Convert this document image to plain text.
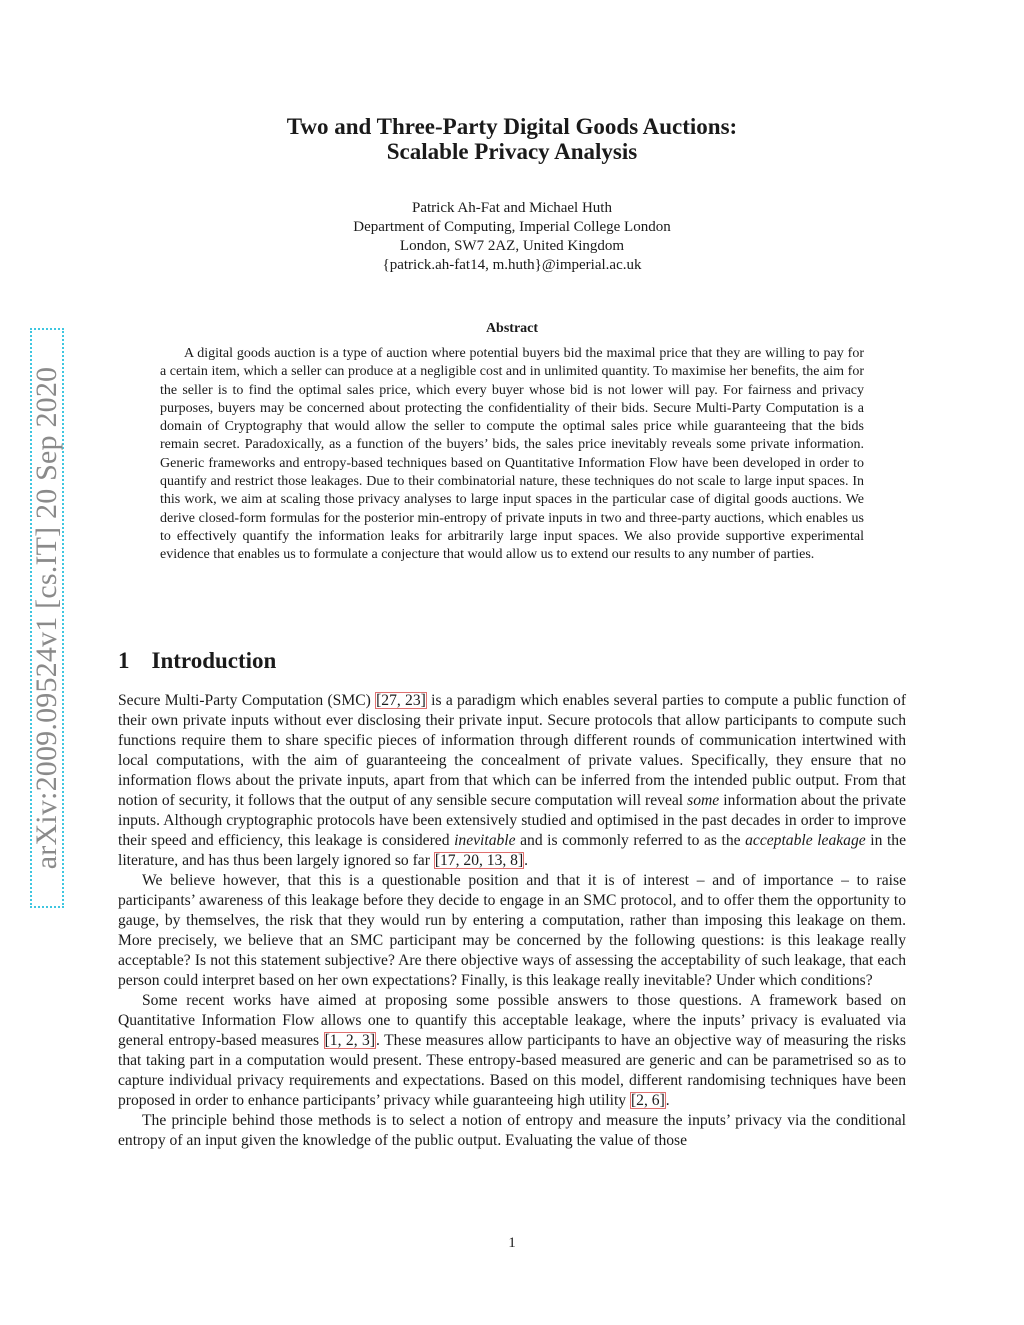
arXiv:2009.09524v1 [cs.IT] 20 Sep 2020
Two and Three-Party Digital Goods Auctions:
Scalable Privacy Analysis
Patrick Ah-Fat and Michael Huth
Department of Computing, Imperial College London
London, SW7 2AZ, United Kingdom
{patrick.ah-fat14, m.huth}@imperial.ac.uk
Abstract

A digital goods auction is a type of auction where potential buyers bid the maximal price that they are willing to pay for a certain item, which a seller can produce at a negligible cost and in unlimited quantity. To maximise her benefits, the aim for the seller is to find the optimal sales price, which every buyer whose bid is not lower will pay. For fairness and privacy purposes, buyers may be concerned about protecting the confidentiality of their bids. Secure Multi-Party Computation is a domain of Cryptography that would allow the seller to compute the optimal sales price while guaranteeing that the bids remain secret. Paradoxically, as a function of the buyers’ bids, the sales price inevitably reveals some private information. Generic frameworks and entropy-based techniques based on Quantitative Information Flow have been developed in order to quantify and restrict those leakages. Due to their combinatorial nature, these techniques do not scale to large input spaces. In this work, we aim at scaling those privacy analyses to large input spaces in the particular case of digital goods auctions. We derive closed-form formulas for the posterior min-entropy of private inputs in two and three-party auctions, which enables us to effectively quantify the information leaks for arbitrarily large input spaces. We also provide supportive experimental evidence that enables us to formulate a conjecture that would allow us to extend our results to any number of parties.

1 Introduction

Secure Multi-Party Computation (SMC) [27, 23] is a paradigm which enables several parties to compute a public function of their own private inputs without ever disclosing their private input. Secure protocols that allow participants to compute such functions require them to share specific pieces of information through different rounds of communication intertwined with local computations, with the aim of guaranteeing the concealment of private values. Specifically, they ensure that no information flows about the private inputs, apart from that which can be inferred from the intended public output. From that notion of security, it follows that the output of any sensible secure computation will reveal some information about the private inputs. Although cryptographic protocols have been extensively studied and optimised in the past decades in order to improve their speed and efficiency, this leakage is considered inevitable and is commonly referred to as the acceptable leakage in the literature, and has thus been largely ignored so far [17, 20, 13, 8].

We believe however, that this is a questionable position and that it is of interest – and of importance – to raise participants’ awareness of this leakage before they decide to engage in an SMC protocol, and to offer them the opportunity to gauge, by themselves, the risk that they would run by entering a computation, rather than imposing this leakage on them. More precisely, we believe that an SMC participant may be concerned by the following questions: is this leakage really acceptable? Is not this statement subjective? Are there objective ways of assessing the acceptability of such leakage, that each person could interpret based on her own expectations? Finally, is this leakage really inevitable? Under which conditions?

Some recent works have aimed at proposing some possible answers to those questions. A framework based on Quantitative Information Flow allows one to quantify this acceptable leakage, where the inputs’ privacy is evaluated via general entropy-based measures [1, 2, 3]. These measures allow participants to have an objective way of measuring the risks that taking part in a computation would present. These entropy-based measured are generic and can be parametrised so as to capture individual privacy requirements and expectations. Based on this model, different randomising techniques have been proposed in order to enhance participants’ privacy while guaranteeing high utility [2, 6].

The principle behind those methods is to select a notion of entropy and measure the inputs’ privacy via the conditional entropy of an input given the knowledge of the public output. Evaluating the value of those

1
